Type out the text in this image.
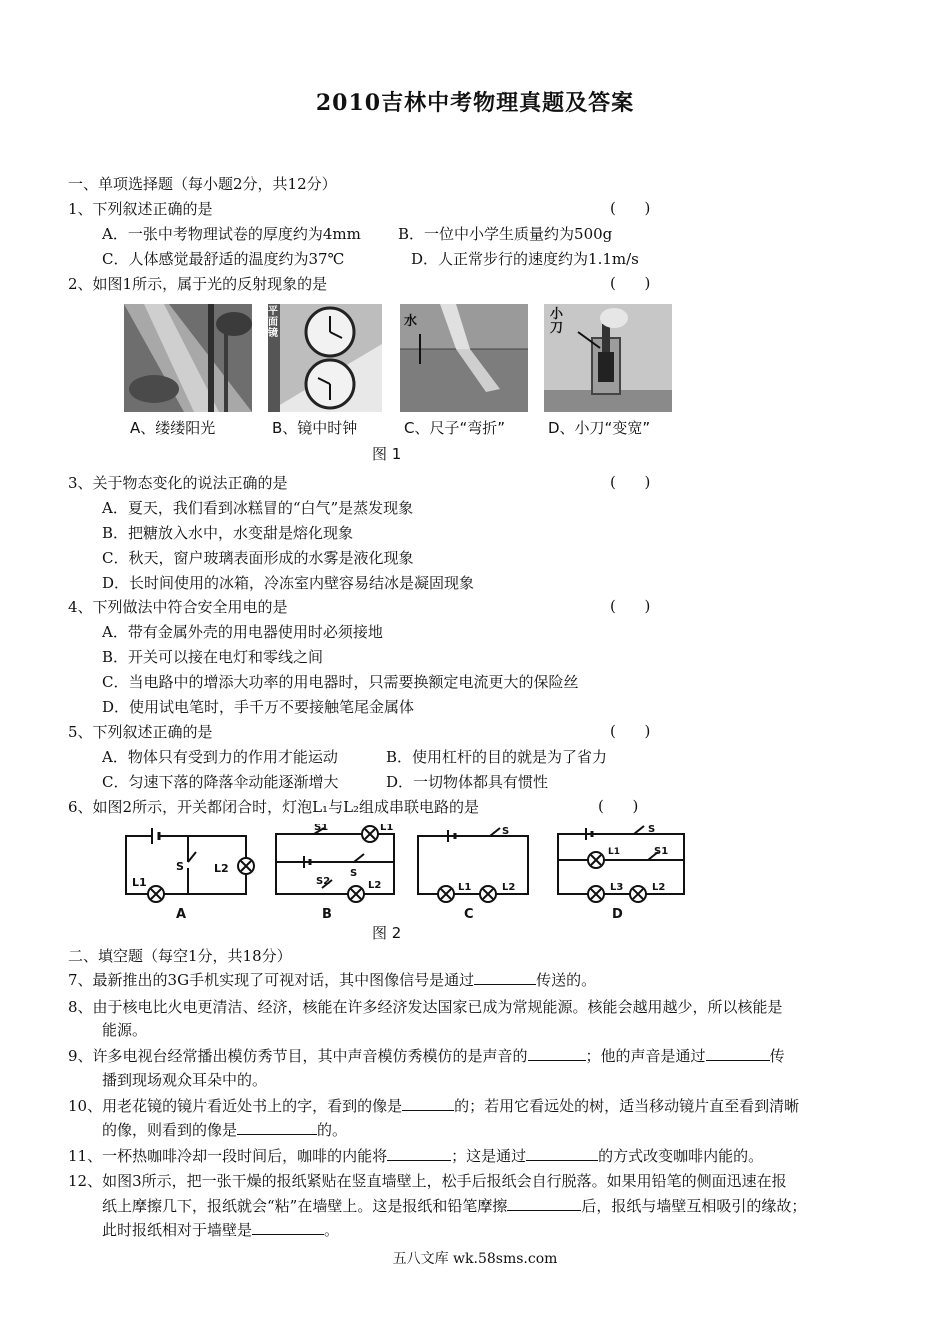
2010吉林中考物理真题及答案
一、单项选择题（每小题2分，共12分）
1、下列叙述正确的是	(      )
A．一张中考物理试卷的厚度约为4mm B．一位中小学生质量约为500g
C．人体感觉最舒适的温度约为37℃	D．人正常步行的速度约为1.1m/s
2、如图1所示，属于光的反射现象的是	(      )
平面镜
水	小刀
A、缕缕阳光	B、镜中时钟	C、尺子“弯折”	D、小刀“变宽”
图 1
3、关于物态变化的说法正确的是	(      )
A．夏天，我们看到冰糕冒的“白气”是蒸发现象
B．把糖放入水中，水变甜是熔化现象
C．秋天，窗户玻璃表面形成的水雾是液化现象
D．长时间使用的冰箱，冷冻室内壁容易结冰是凝固现象
4、下列做法中符合安全用电的是	(      )
A．带有金属外壳的用电器使用时必须接地
B．开关可以接在电灯和零线之间
C．当电路中的增添大功率的用电器时，只需要换额定电流更大的保险丝
D．使用试电笔时，手千万不要接触笔尾金属体
5、下列叙述正确的是	(      )
A．物体只有受到力的作用才能运动	B．使用杠杆的目的就是为了省力
C．匀速下落的降落伞动能逐渐增大	D．一切物体都具有惯性
6、如图2所示，开关都闭合时，灯泡L₁与L₂组成串联电路的是	(      )
L1
S	L2
A
S1	L1
S
S2	L2
B
S
L1	L2
C
S
L1	S1
L3	L2
D
图 2
二、填空题（每空1分，共18分）
7、最新推出的3G手机实现了可视对话，其中图像信号是通过	传送的。
8、由于核电比火电更清洁、经济，核能在许多经济发达国家已成为常规能源。核能会越用越少，所以核能是
能源。
9、许多电视台经常播出模仿秀节目，其中声音模仿秀模仿的是声音的	；他的声音是通过	传
播到现场观众耳朵中的。
10、用老花镜的镜片看近处书上的字，看到的像是	的；若用它看远处的树，适当移动镜片直至看到清晰
的像，则看到的像是	的。
11、一杯热咖啡冷却一段时间后，咖啡的内能将	；这是通过	的方式改变咖啡内能的。
12、如图3所示，把一张干燥的报纸紧贴在竖直墙壁上，松手后报纸会自行脱落。如果用铅笔的侧面迅速在报
纸上摩擦几下，报纸就会“粘”在墙壁上。这是报纸和铅笔摩擦	后，报纸与墙壁互相吸引的缘故；
此时报纸相对于墙壁是	。
五八文库 wk.58sms.com
